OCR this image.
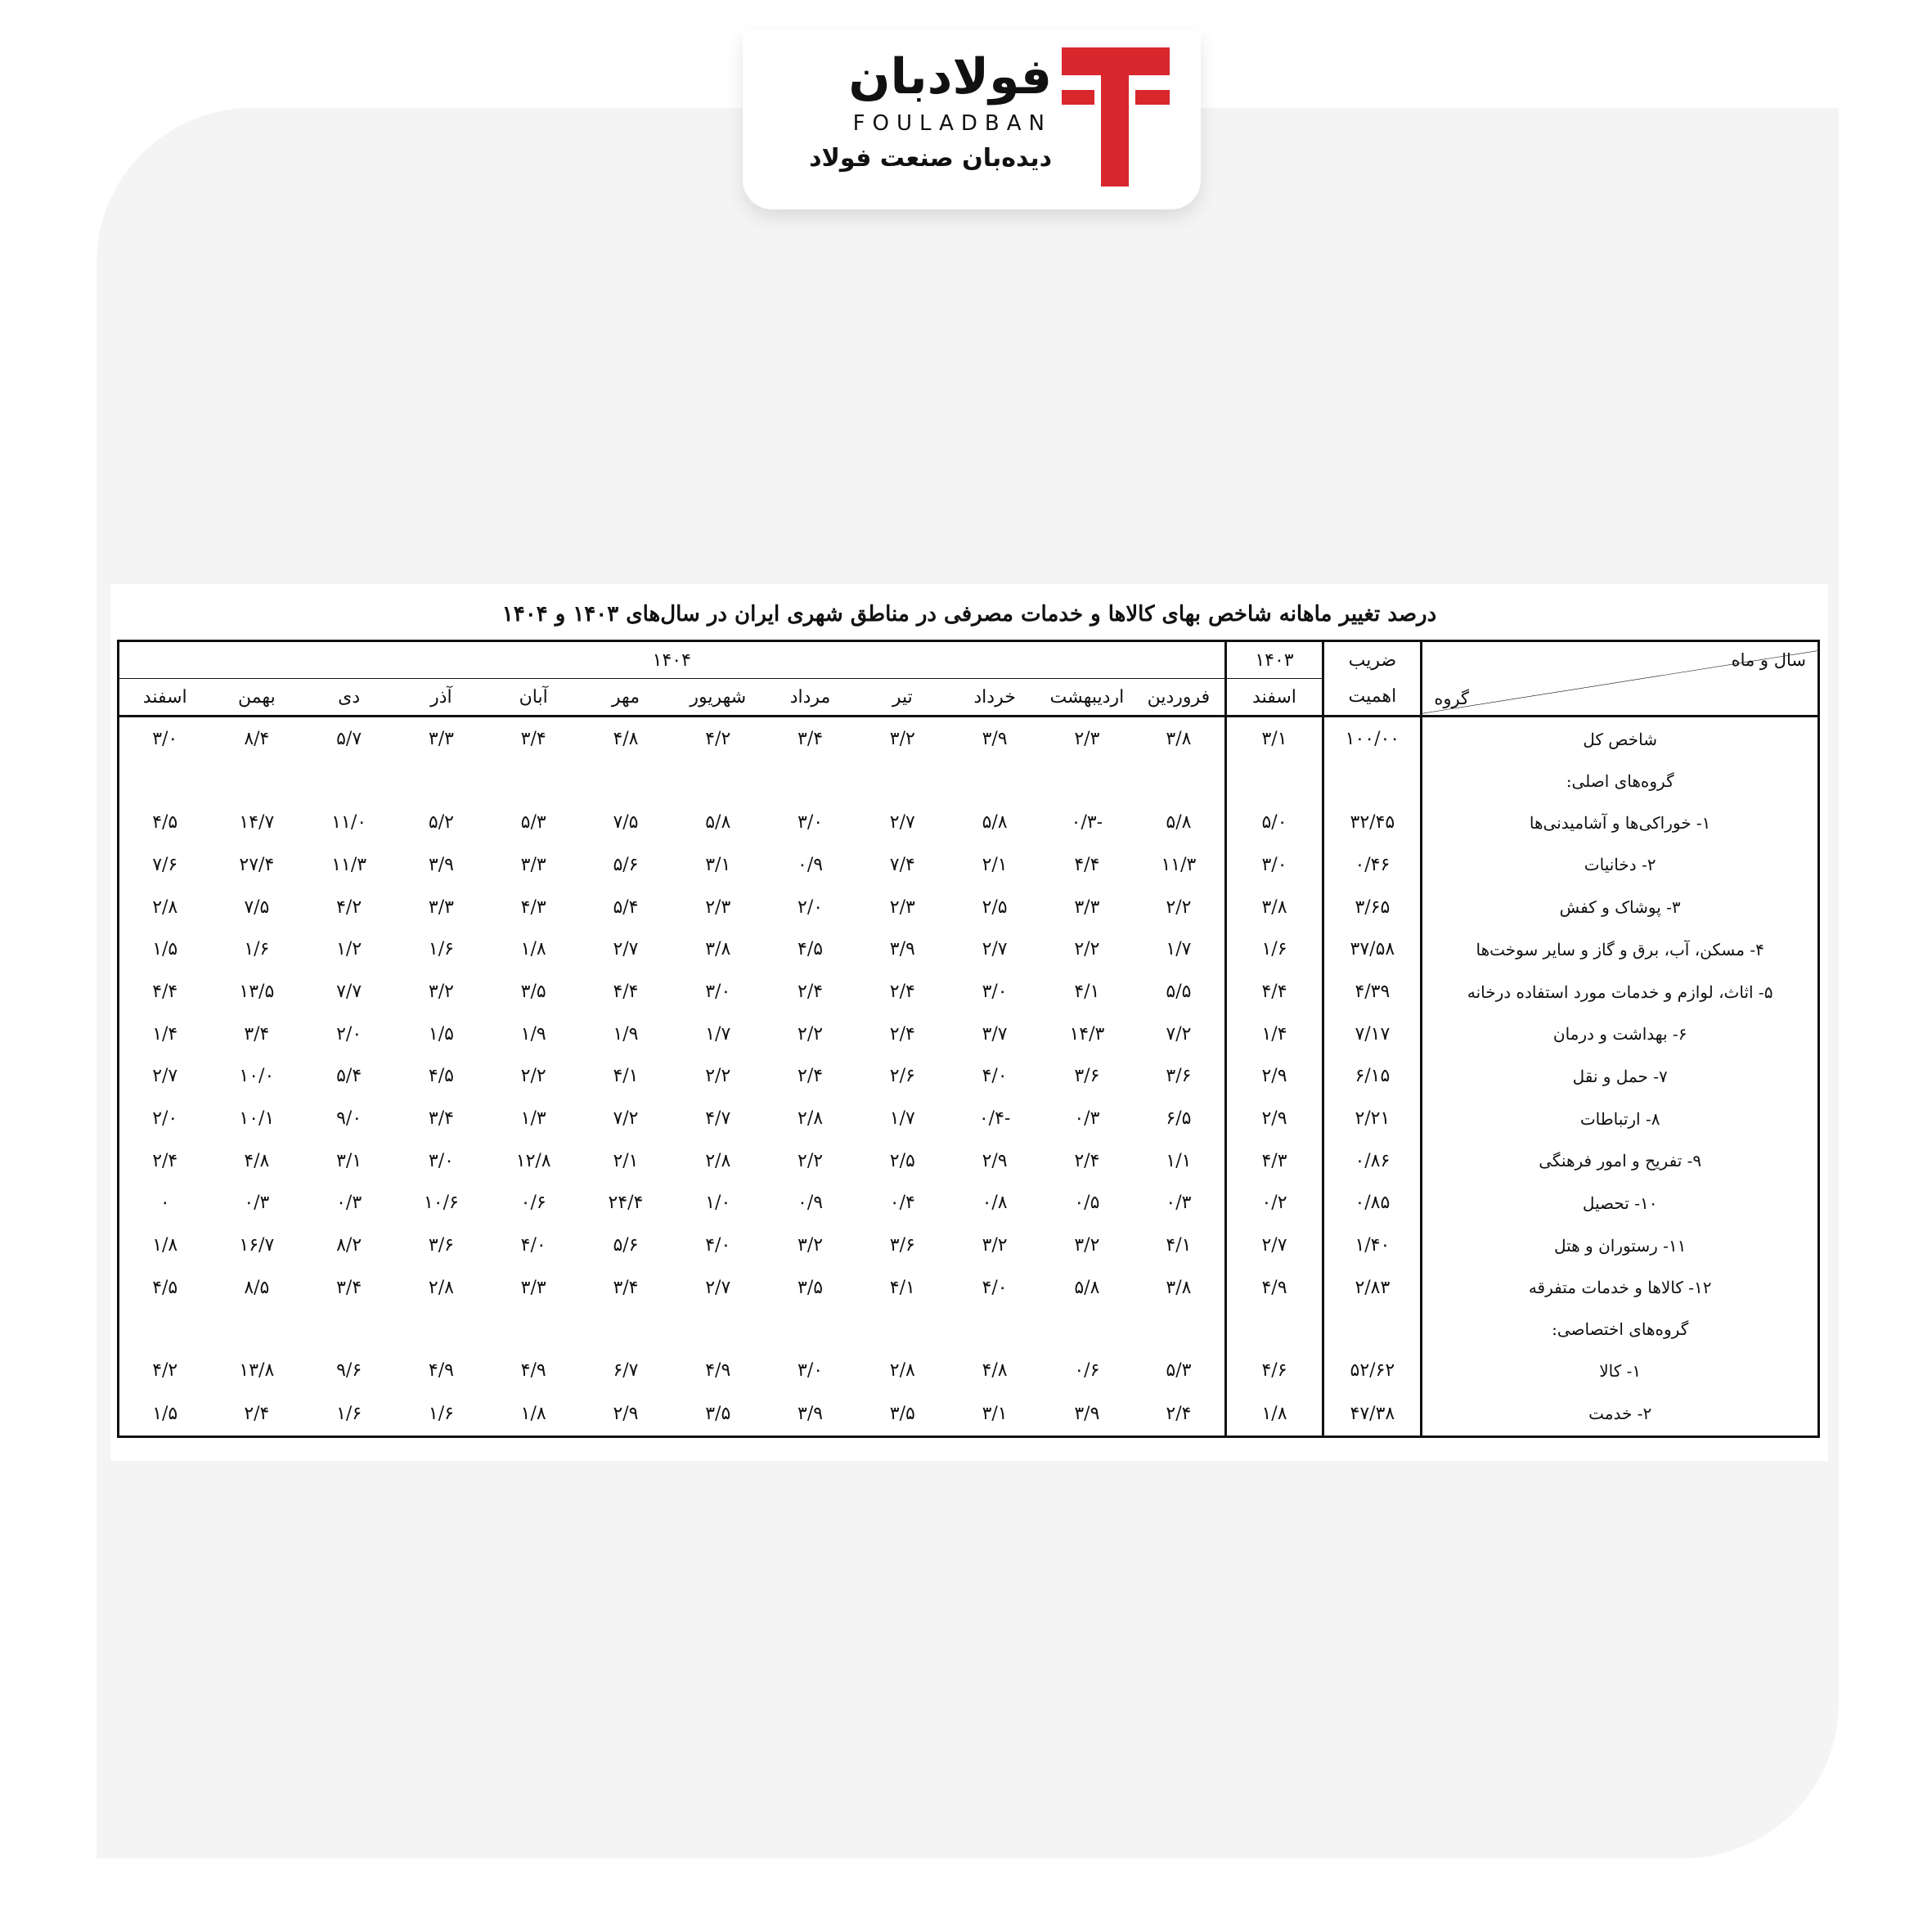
فولادبان
FOULADBAN
دیده‌بان صنعت فولاد
درصد تغییر ماهانه شاخص بهای کالاها و خدمات مصرفی در مناطق شهری ایران در سال‌های ۱۴۰۳ و ۱۴۰۴
سال و ماه
گروه	ضریب	۱۴۰۳	۱۴۰۴											
	اهمیت	اسفند	فروردین	اردیبهشت	خرداد	تیر	مرداد	شهریور	مهر	آبان	آذر	دی	بهمن	اسفند
شاخص کل	۱۰۰/۰۰	۳/۱	۳/۸	۲/۳	۳/۹	۳/۲	۳/۴	۴/۲	۴/۸	۳/۴	۳/۳	۵/۷	۸/۴	۳/۰
گروه‌های اصلی:														
۱- خوراکی‌ها و آشامیدنی‌ها	۳۲/۴۵	۵/۰	۵/۸	-۰/۳	۵/۸	۲/۷	۳/۰	۵/۸	۷/۵	۵/۳	۵/۲	۱۱/۰	۱۴/۷	۴/۵
۲- دخانیات	۰/۴۶	۳/۰	۱۱/۳	۴/۴	۲/۱	۷/۴	۰/۹	۳/۱	۵/۶	۳/۳	۳/۹	۱۱/۳	۲۷/۴	۷/۶
۳- پوشاک و کفش	۳/۶۵	۳/۸	۲/۲	۳/۳	۲/۵	۲/۳	۲/۰	۲/۳	۵/۴	۴/۳	۳/۳	۴/۲	۷/۵	۲/۸
۴- مسکن، آب، برق و گاز و سایر سوخت‌ها	۳۷/۵۸	۱/۶	۱/۷	۲/۲	۲/۷	۳/۹	۴/۵	۳/۸	۲/۷	۱/۸	۱/۶	۱/۲	۱/۶	۱/۵
۵- اثاث، لوازم و خدمات مورد استفاده درخانه	۴/۳۹	۴/۴	۵/۵	۴/۱	۳/۰	۲/۴	۲/۴	۳/۰	۴/۴	۳/۵	۳/۲	۷/۷	۱۳/۵	۴/۴
۶- بهداشت و درمان	۷/۱۷	۱/۴	۷/۲	۱۴/۳	۳/۷	۲/۴	۲/۲	۱/۷	۱/۹	۱/۹	۱/۵	۲/۰	۳/۴	۱/۴
۷- حمل و نقل	۶/۱۵	۲/۹	۳/۶	۳/۶	۴/۰	۲/۶	۲/۴	۲/۲	۴/۱	۲/۲	۴/۵	۵/۴	۱۰/۰	۲/۷
۸- ارتباطات	۲/۲۱	۲/۹	۶/۵	۰/۳	-۰/۴	۱/۷	۲/۸	۴/۷	۷/۲	۱/۳	۳/۴	۹/۰	۱۰/۱	۲/۰
۹- تفریح و امور فرهنگی	۰/۸۶	۴/۳	۱/۱	۲/۴	۲/۹	۲/۵	۲/۲	۲/۸	۲/۱	۱۲/۸	۳/۰	۳/۱	۴/۸	۲/۴
۱۰- تحصیل	۰/۸۵	۰/۲	۰/۳	۰/۵	۰/۸	۰/۴	۰/۹	۱/۰	۲۴/۴	۰/۶	۱۰/۶	۰/۳	۰/۳	۰
۱۱- رستوران و هتل	۱/۴۰	۲/۷	۴/۱	۳/۲	۳/۲	۳/۶	۳/۲	۴/۰	۵/۶	۴/۰	۳/۶	۸/۲	۱۶/۷	۱/۸
۱۲- کالاها و خدمات متفرقه	۲/۸۳	۴/۹	۳/۸	۵/۸	۴/۰	۴/۱	۳/۵	۲/۷	۳/۴	۳/۳	۲/۸	۳/۴	۸/۵	۴/۵
گروه‌های اختصاصی:														
۱- کالا	۵۲/۶۲	۴/۶	۵/۳	۰/۶	۴/۸	۲/۸	۳/۰	۴/۹	۶/۷	۴/۹	۴/۹	۹/۶	۱۳/۸	۴/۲
۲- خدمت	۴۷/۳۸	۱/۸	۲/۴	۳/۹	۳/۱	۳/۵	۳/۹	۳/۵	۲/۹	۱/۸	۱/۶	۱/۶	۲/۴	۱/۵
